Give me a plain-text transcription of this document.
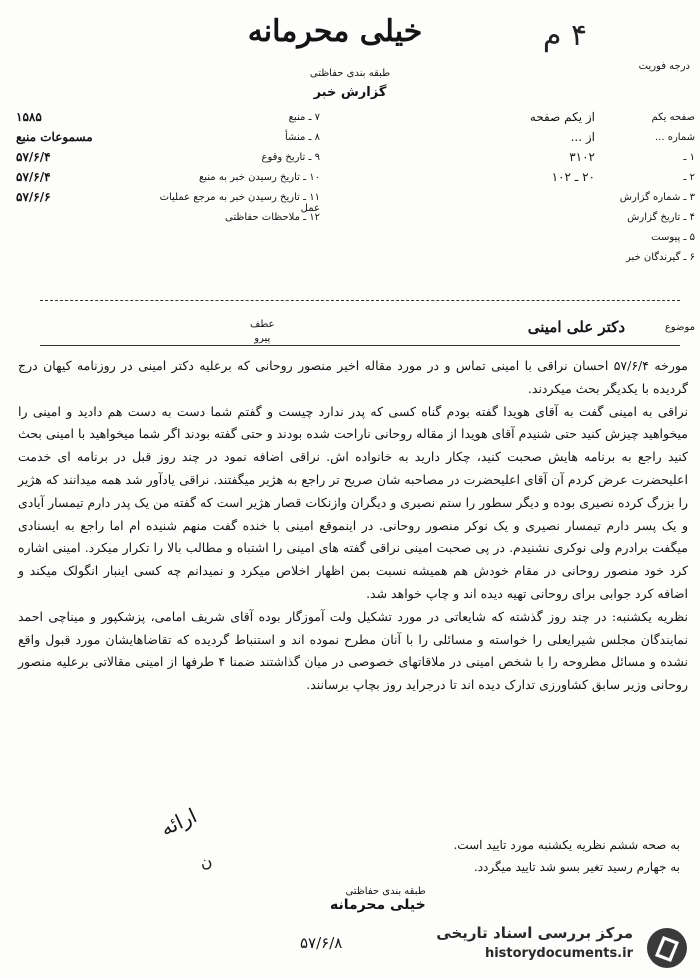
خیلی محرمانه	۴ م
درجه فوریت
طبقه بندی حفاظتی
گزارش خبر
صفحه یکم
از یکم صفحه
شماره ...
از ...
۱ ـ
۳۱۰۲
۲ ـ
۲۰ ـ ۱۰۲
۳ ـ شماره گزارش
۴ ـ تاریخ گزارش
۵ ـ پیوست
۶ ـ گیرندگان خبر
۷ ـ منبع
۱۵۸۵
۸ ـ منشأ
مسموعات منبع
۹ ـ تاریخ وقوع
۵۷/۶/۴
۱۰ ـ تاریخ رسیدن خبر به منبع
۵۷/۶/۴
۱۱ ـ تاریخ رسیدن خبر به مرجع عملیات عمل
۵۷/۶/۶
۱۲ ـ ملاحظات حفاظتی
موضوع
دکتر علی امینی
عطف
پیرو

مورخه ۵۷/۶/۴ احسان نراقی با امینی تماس و در مورد مقاله اخیر منصور روحانی که برعلیه دکتر امینی در روزنامه کیهان درج گردیده با یکدیگر بحث میکردند.

نراقی به امینی گفت به آقای هویدا گفته بودم گناه کسی که پدر ندارد چیست و گفتم شما دست به دست هم دادید و امینی را میخواهید چیزش کنید حتی شنیدم آقای هویدا از مقاله روحانی ناراحت شده بودند و حتی گفته بودند اگر شما میخواهید با امینی بحث کنید راجع به برنامه هایش صحبت کنید، چکار دارید به خانواده اش. نراقی اضافه نمود در چند روز قبل در برنامه ای خدمت اعلیحضرت عرض کردم آن آقای اعلیحضرت در مصاحبه شان صریح تر راجع به هژیر میگفتند. نراقی یادآور شد همه میدانند که هژیر را بزرگ کرده نصیری بوده و دیگر سطور را ستم نصیری و دیگران وازنکات قصار هژیر است که گفته من یک پدر دارم تیمسار آیادی و یک پسر دارم تیمسار نصیری و یک نوکر منصور روحانی. در اینموقع امینی با خنده گفت منهم شنیده ام اما راجع به ایسنادی میگفت برادرم ولی نوکری نشنیدم. در پی صحبت امینی نراقی گفته های امینی را اشتباه و مطالب بالا را تکرار میکرد. امینی اشاره کرد خود منصور روحانی در مقام خودش هم همیشه نسبت بمن اظهار اخلاص میکرد و نمیدانم چه کسی اینبار انگولک میکند و اضافه کرد جوابی برای روحانی تهیه دیده اند و چاپ خواهد شد.

نظریه یکشنبه: در چند روز گذشته که شایعاتی در مورد تشکیل ولت آموزگار بوده آقای شریف امامی، پزشکپور و میناچی احمد نمایندگان مجلس شیرایعلی را خواسته و مسائلی را با آنان مطرح نموده اند و استنباط گردیده که تقاضاهایشان مورد قبول واقع نشده و مسائل مطروحه را با شخص امینی در ملاقاتهای خصوصی در میان گذاشتند ضمنا ۴ طرفها از امینی مقالاتی برعلیه منصور روحانی وزیر سابق کشاورزی تدارک دیده اند تا درجراید روز بچاپ برسانند.

ارائه
ن
به صحه ششم نظریه یکشنبه مورد تایید است.
به جهارم رسید تغیر بسو شد تایید میگردد.
طبقه بندی حفاظتی
خیلی محرمانه
۵۷/۶/۸
مرکز بررسی اسناد تاریخی
historydocuments.ir
